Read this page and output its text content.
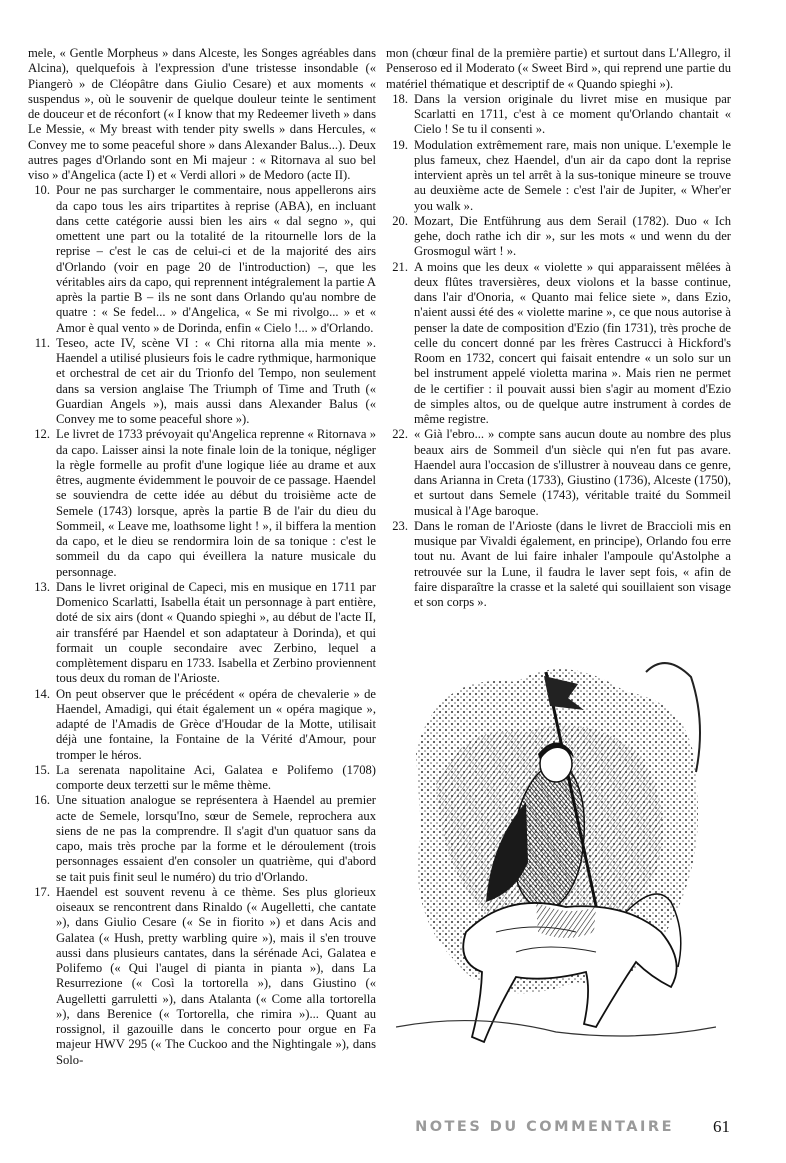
mele, « Gentle Morpheus » dans Alceste, les Songes agréables dans Alcina), quelquefois à l'expression d'une tristesse insondable (« Piangerò » de Cléopâtre dans Giulio Cesare) et aux moments « suspendus », où le souvenir de quelque douleur teinte le sentiment de douceur et de réconfort (« I know that my Redeemer liveth » dans Le Messie, « My breast with tender pity swells » dans Hercules, « Convey me to some peaceful shore » dans Alexander Balus...). Deux autres pages d'Orlando sont en Mi majeur : « Ritornava al suo bel viso » d'Angelica (acte I) et « Verdi allori » de Medoro (acte II).

10. Pour ne pas surcharger le commentaire, nous appellerons airs da capo tous les airs tripartites à reprise (ABA), en incluant dans cette catégorie aussi bien les airs « dal segno », qui omettent une part ou la totalité de la ritournelle lors de la reprise – c'est le cas de celui-ci et de la majorité des airs d'Orlando (voir en page 20 de l'introduction) –, que les véritables airs da capo, qui reprennent intégralement la partie A après la partie B – ils ne sont dans Orlando qu'au nombre de quatre : « Se fedel... » d'Angelica, « Se mi rivolgo... » et « Amor è qual vento » de Dorinda, enfin « Cielo !... » d'Orlando.

11. Teseo, acte IV, scène VI : « Chi ritorna alla mia mente ». Haendel a utilisé plusieurs fois le cadre rythmique, harmonique et orchestral de cet air du Trionfo del Tempo, non seulement dans sa version anglaise The Triumph of Time and Truth (« Guardian Angels »), mais aussi dans Alexander Balus (« Convey me to some peaceful shore »).

12. Le livret de 1733 prévoyait qu'Angelica reprenne « Ritornava » da capo. Laisser ainsi la note finale loin de la tonique, négliger la règle formelle au profit d'une logique liée au drame et aux êtres, augmente évidemment le pouvoir de ce passage. Haendel se souviendra de cette idée au début du troisième acte de Semele (1743) lorsque, après la partie B de l'air du dieu du Sommeil, « Leave me, loathsome light ! », il biffera la mention da capo, et le dieu se rendormira loin de sa tonique : c'est le sommeil du da capo qui éveillera la nature musicale du personnage.

13. Dans le livret original de Capeci, mis en musique en 1711 par Domenico Scarlatti, Isabella était un personnage à part entière, doté de six airs (dont « Quando spieghi », au début de l'acte II, air transféré par Haendel et son adaptateur à Dorinda), et qui formait un couple secondaire avec Zerbino, lequel a complètement disparu en 1733. Isabella et Zerbino proviennent tous deux du roman de l'Arioste.

14. On peut observer que le précédent « opéra de chevalerie » de Haendel, Amadigi, qui était également un « opéra magique », adapté de l'Amadis de Grèce d'Houdar de la Motte, utilisait déjà une fontaine, la Fontaine de la Vérité d'Amour, pour tromper le héros.

15. La serenata napolitaine Aci, Galatea e Polifemo (1708) comporte deux terzetti sur le même thème.

16. Une situation analogue se représentera à Haendel au premier acte de Semele, lorsqu'Ino, sœur de Semele, reprochera aux siens de ne pas la comprendre. Il s'agit d'un quatuor sans da capo, mais très proche par la forme et le déroulement (trois personnages essaient d'en consoler un quatrième, qui d'abord se tait puis finit seul le numéro) du trio d'Orlando.

17. Haendel est souvent revenu à ce thème. Ses plus glorieux oiseaux se rencontrent dans Rinaldo (« Augelletti, che cantate »), dans Giulio Cesare (« Se in fiorito ») et dans Acis and Galatea (« Hush, pretty warbling quire »), mais il s'en trouve aussi dans plusieurs cantates, dans la sérénade Aci, Galatea e Polifemo (« Qui l'augel di pianta in pianta »), dans La Resurrezione (« Così la tortorella »), dans Giustino (« Augelletti garruletti »), dans Atalanta (« Come alla tortorella »), dans Berenice (« Tortorella, che rimira »)... Quant au rossignol, il gazouille dans le concerto pour orgue en Fa majeur HWV 295 (« The Cuckoo and the Nightingale »), dans Solo-

mon (chœur final de la première partie) et surtout dans L'Allegro, il Penseroso ed il Moderato (« Sweet Bird », qui reprend une partie du matériel thématique et descriptif de « Quando spieghi »).

18. Dans la version originale du livret mise en musique par Scarlatti en 1711, c'est à ce moment qu'Orlando chantait « Cielo ! Se tu il consenti ».

19. Modulation extrêmement rare, mais non unique. L'exemple le plus fameux, chez Haendel, d'un air da capo dont la reprise intervient après un tel arrêt à la sus-tonique mineure se trouve au deuxième acte de Semele : c'est l'air de Jupiter, « Wher'er you walk ».

20. Mozart, Die Entführung aus dem Serail (1782). Duo « Ich gehe, doch rathe ich dir », sur les mots « und wenn du der Grosmogul wärt ! ».

21. A moins que les deux « violette » qui apparaissent mêlées à deux flûtes traversières, deux violons et la basse continue, dans l'air d'Onoria, « Quanto mai felice siete », dans Ezio, n'aient aussi été des « violette marine », ce que nous autorise à penser la date de composition d'Ezio (fin 1731), très proche de celle du concert donné par les frères Castrucci à Hickford's Room en 1732, concert qui faisait entendre « un solo sur un bel instrument appelé violetta marina ». Mais rien ne permet de le certifier : il pouvait aussi bien s'agir au moment d'Ezio de simples altos, ou de quelque autre instrument à cordes de même registre.

22. « Già l'ebro... » compte sans aucun doute au nombre des plus beaux airs de Sommeil d'un siècle qui n'en fut pas avare. Haendel aura l'occasion de s'illustrer à nouveau dans ce genre, dans Arianna in Creta (1733), Giustino (1736), Alceste (1750), et surtout dans Semele (1743), véritable traité du Sommeil musical à l'Age baroque.

23. Dans le roman de l'Arioste (dans le livret de Braccioli mis en musique par Vivaldi également, en principe), Orlando fou erre tout nu. Avant de lui faire inhaler l'ampoule qu'Astolphe a retrouvée sur la Lune, il faudra le laver sept fois, « afin de faire disparaître la crasse et la saleté qui souillaient son visage et son corps ».

NOTES DU COMMENTAIRE 61
